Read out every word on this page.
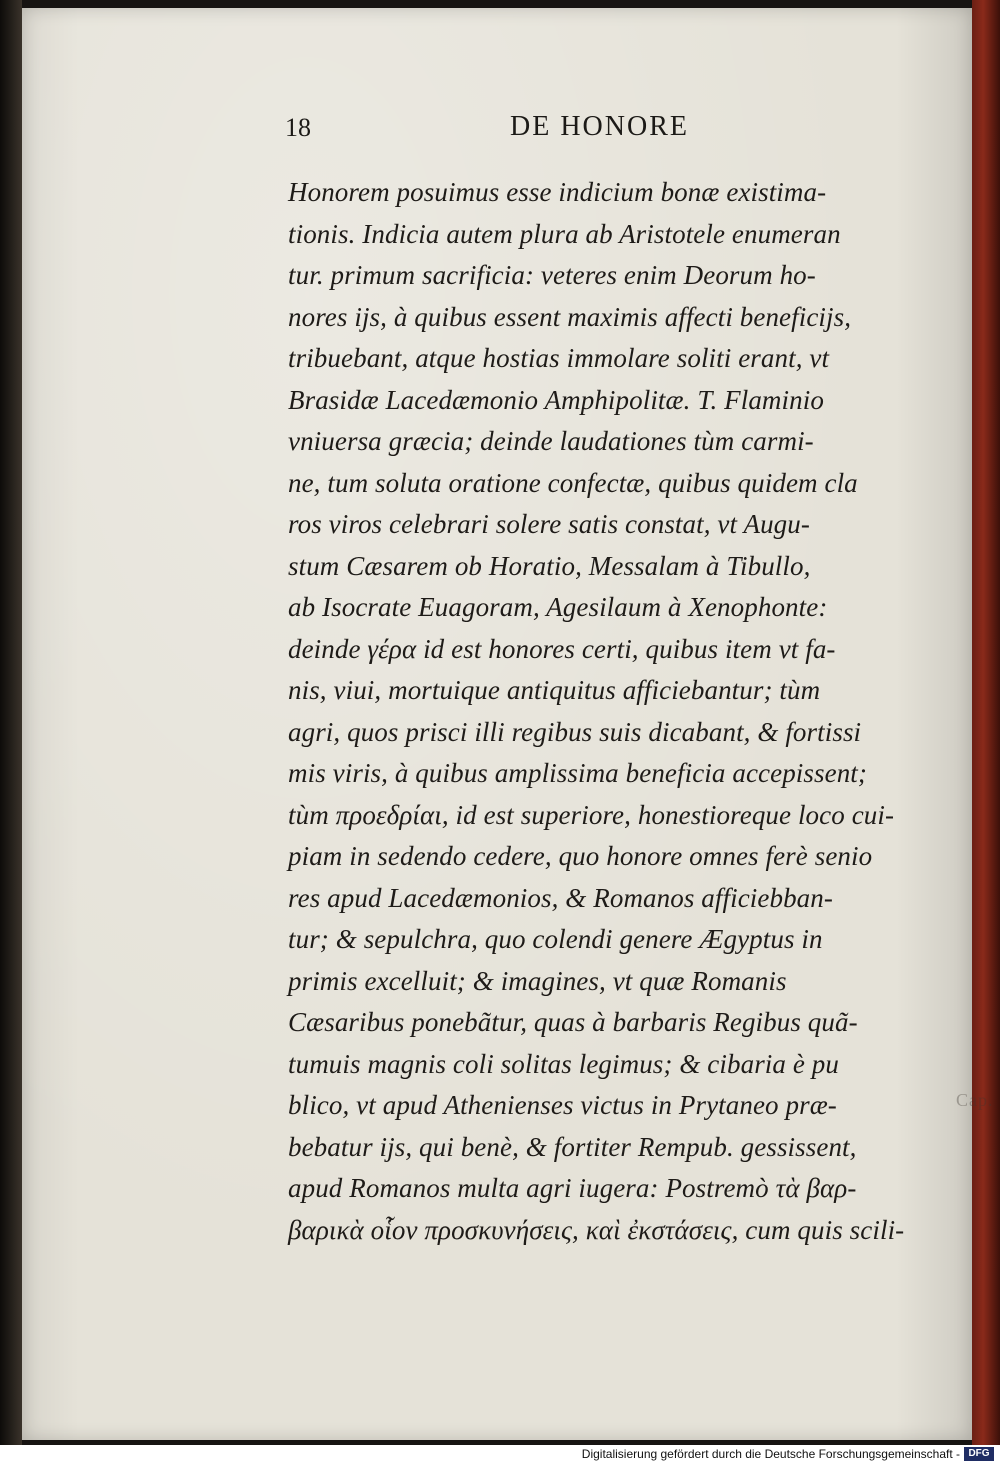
Cap.
18	DE HONORE
Honorem posuimus esse indicium bonæ existima-
tionis. Indicia autem plura ab Aristotele enumeran
tur. primum sacrificia: veteres enim Deorum ho-
nores ijs, à quibus essent maximis affecti beneficijs,
tribuebant, atque hostias immolare soliti erant, vt
Brasidæ Lacedæmonio Amphipolitæ. T. Flaminio
vniuersa græcia; deinde laudationes tùm carmi-
ne, tum soluta oratione confectæ, quibus quidem cla
ros viros celebrari solere satis constat, vt Augu-
stum Cæsarem ob Horatio, Messalam à Tibullo,
ab Isocrate Euagoram, Agesilaum à Xenophonte:
deinde γέρα id est honores certi, quibus item vt fa-
nis, viui, mortuique antiquitus afficiebantur; tùm
agri, quos prisci illi regibus suis dicabant, & fortissi
mis viris, à quibus amplissima beneficia accepissent;
tùm προεδρίαι, id est superiore, honestioreque loco cui-
piam in sedendo cedere, quo honore omnes ferè senio
res apud Lacedæmonios, & Romanos afficiebban-
tur; & sepulchra, quo colendi genere Ægyptus in
primis excelluit; & imagines, vt quæ Romanis
Cæsaribus ponebãtur, quas à barbaris Regibus quã-
tumuis magnis coli solitas legimus; & cibaria è pu
blico, vt apud Athenienses victus in Prytaneo præ-
bebatur ijs, qui benè, & fortiter Rempub. gessissent,
apud Romanos multa agri iugera: Postremò τὰ βαρ-
βαρικὰ οἷον προσκυνήσεις, καὶ ἐκστάσεις, cum quis scili-
Digitalisierung gefördert durch die Deutsche Forschungsgemeinschaft - DFG
